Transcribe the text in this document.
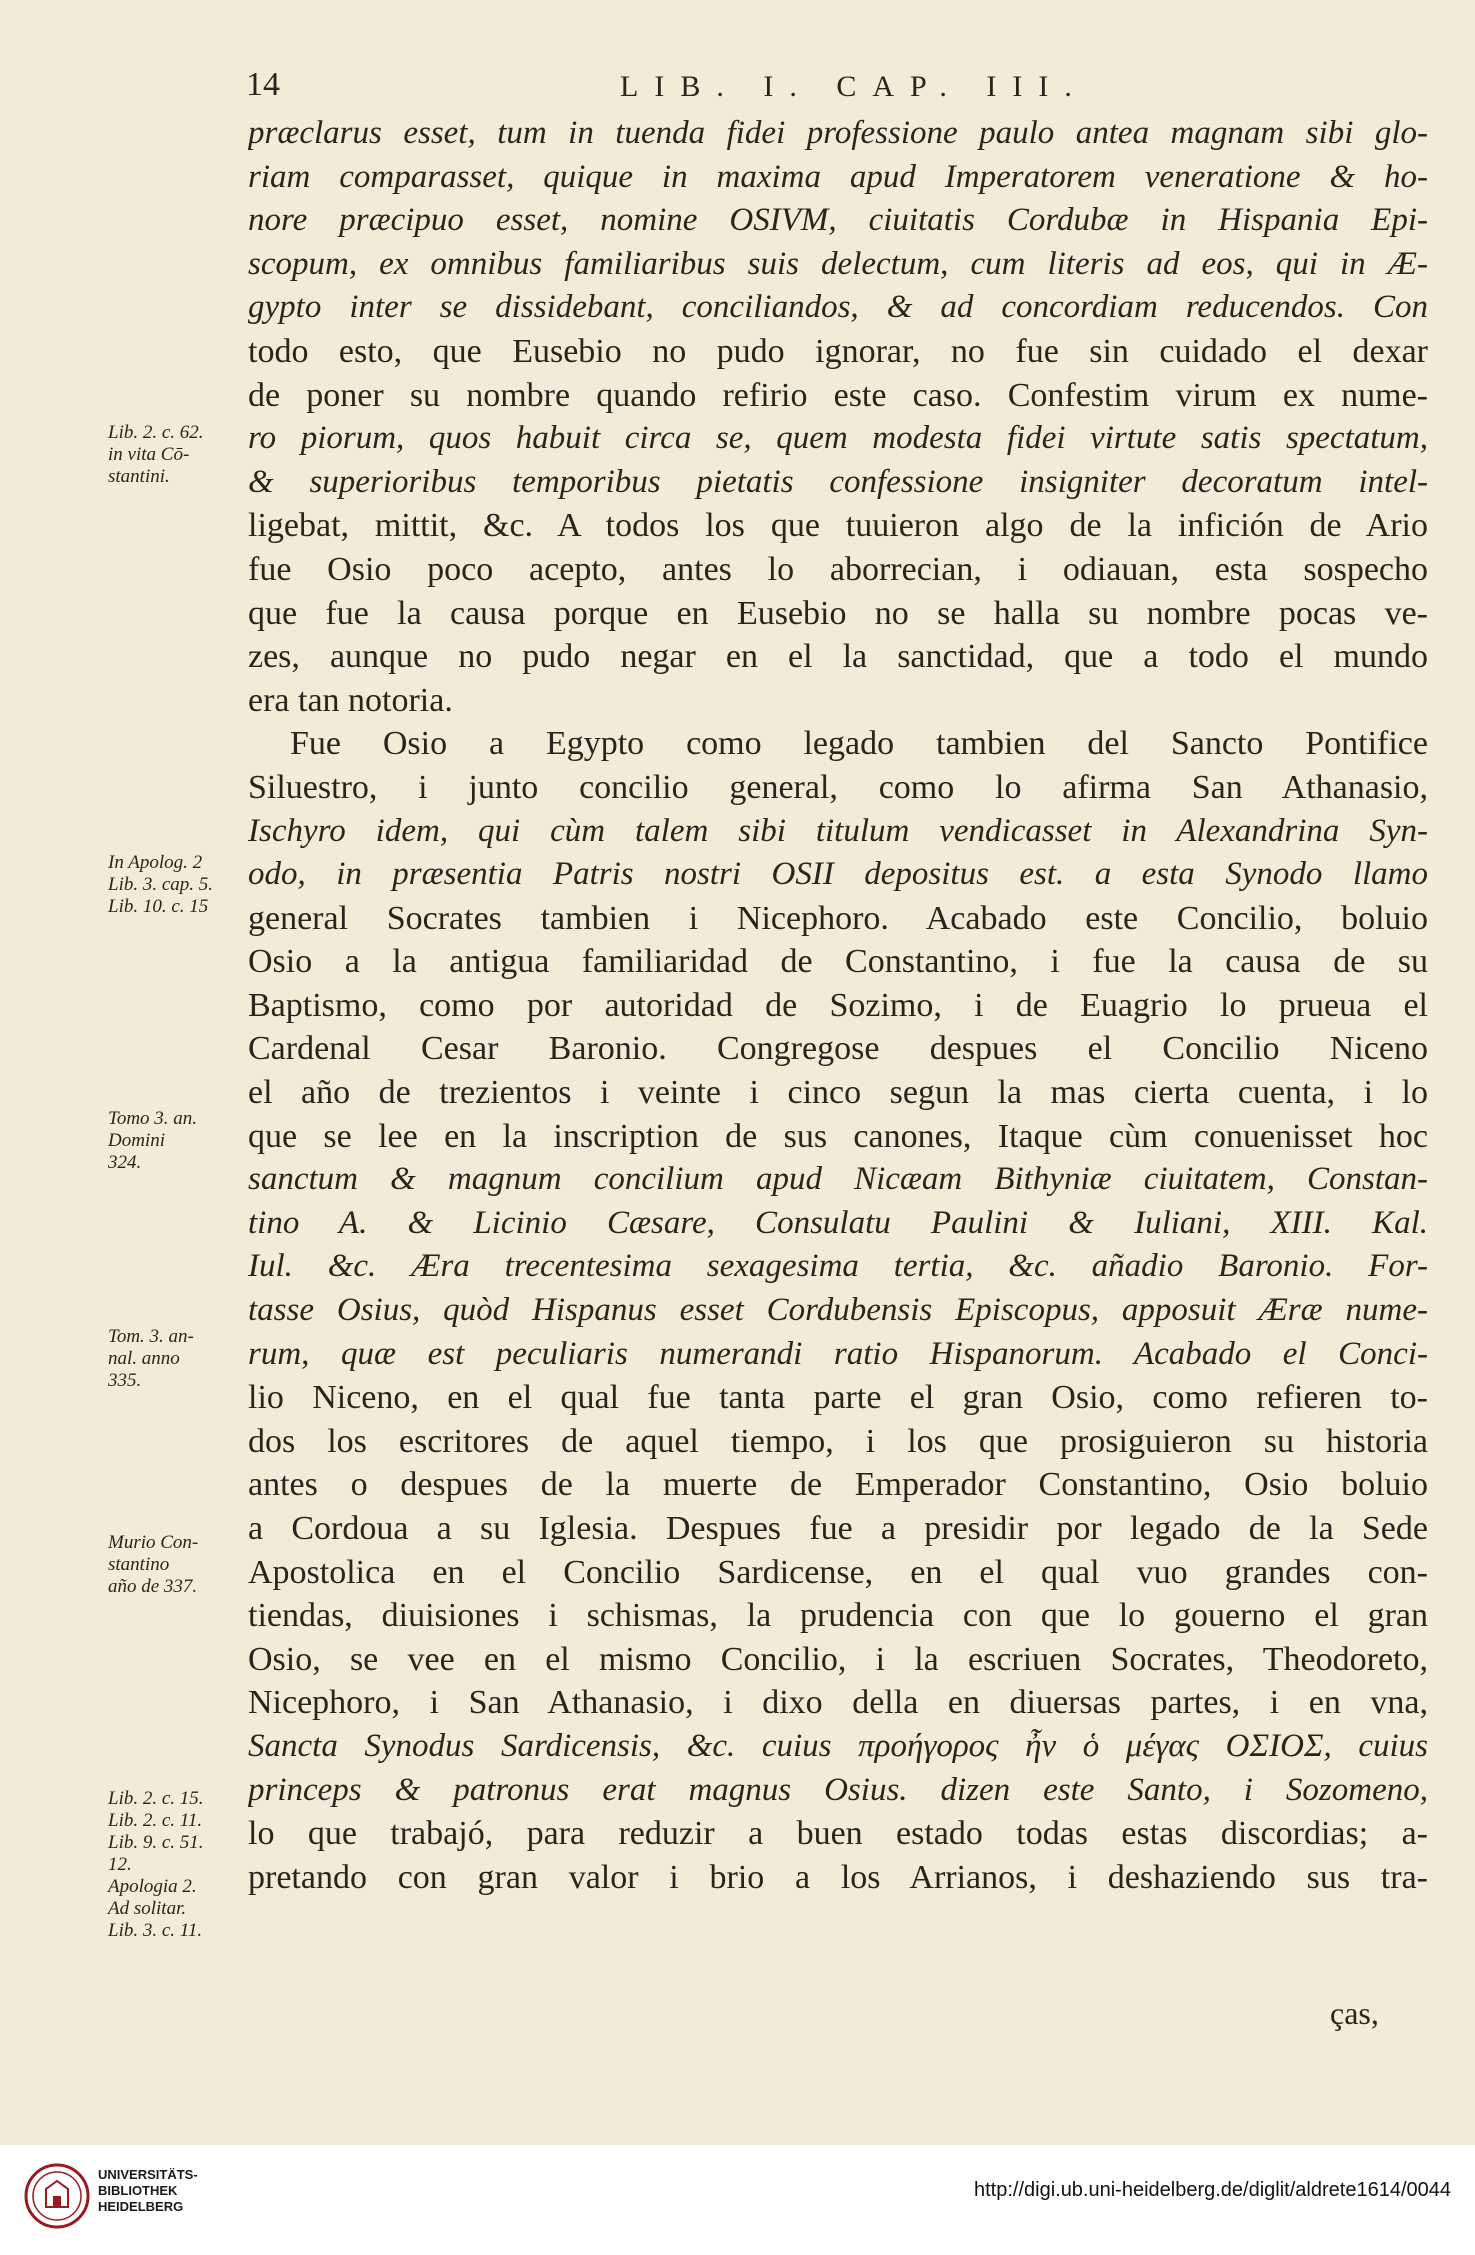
14	LIB. I. CAP. III.
Lib. 2. c. 62.
in vita Cō-
stantini.
In Apolog. 2
Lib. 3. cap. 5.
Lib. 10. c. 15
Tomo 3. an.
Domini
324.
Tom. 3. an-
nal. anno
335.
Murio Con-
stantino
año de 337.
Lib. 2. c. 15.
Lib. 2. c. 11.
Lib. 9. c. 51.
12.
Apologia 2.
Ad solitar.
Lib. 3. c. 11.
præclarus esset, tum in tuenda fidei professione paulo antea magnam sibi glo-
riam comparasset, quique in maxima apud Imperatorem veneratione & ho-
nore præcipuo esset, nomine OSIVM, ciuitatis Cordubæ in Hispania Epi-
scopum, ex omnibus familiaribus suis delectum, cum literis ad eos, qui in Æ-
gypto inter se dissidebant, conciliandos, & ad concordiam reducendos. Con
todo esto, que Eusebio no pudo ignorar, no fue sin cuidado el dexar
de poner su nombre quando refirio este caso. Confestim virum ex nume-
ro piorum, quos habuit circa se, quem modesta fidei virtute satis spectatum,
& superioribus temporibus pietatis confessione insigniter decoratum intel-
ligebat, mittit, &c. A todos los que tuuieron algo de la infición de Ario
fue Osio poco acepto, antes lo aborrecian, i odiauan, esta sospecho
que fue la causa porque en Eusebio no se halla su nombre pocas ve-
zes, aunque no pudo negar en el la sanctidad, que a todo el mundo
era tan notoria.
Fue Osio a Egypto como legado tambien del Sancto Pontifice
Siluestro, i junto concilio general, como lo afirma San Athanasio,
Ischyro idem, qui cùm talem sibi titulum vendicasset in Alexandrina Syn-
odo, in præsentia Patris nostri OSII depositus est. a esta Synodo llamo
general Socrates tambien i Nicephoro. Acabado este Concilio, boluio
Osio a la antigua familiaridad de Constantino, i fue la causa de su
Baptismo, como por autoridad de Sozimo, i de Euagrio lo prueua el
Cardenal Cesar Baronio. Congregose despues el Concilio Niceno
el año de trezientos i veinte i cinco segun la mas cierta cuenta, i lo
que se lee en la inscription de sus canones, Itaque cùm conuenisset hoc
sanctum & magnum concilium apud Nicæam Bithyniæ ciuitatem, Constan-
tino A. & Licinio Cæsare, Consulatu Paulini & Iuliani, XIII. Kal.
Iul. &c. Æra trecentesima sexagesima tertia, &c. añadio Baronio. For-
tasse Osius, quòd Hispanus esset Cordubensis Episcopus, apposuit Æræ nume-
rum, quæ est peculiaris numerandi ratio Hispanorum. Acabado el Conci-
lio Niceno, en el qual fue tanta parte el gran Osio, como refieren to-
dos los escritores de aquel tiempo, i los que prosiguieron su historia
antes o despues de la muerte de Emperador Constantino, Osio boluio
a Cordoua a su Iglesia. Despues fue a presidir por legado de la Sede
Apostolica en el Concilio Sardicense, en el qual vuo grandes con-
tiendas, diuisiones i schismas, la prudencia con que lo gouerno el gran
Osio, se vee en el mismo Concilio, i la escriuen Socrates, Theodoreto,
Nicephoro, i San Athanasio, i dixo della en diuersas partes, i en vna,
Sancta Synodus Sardicensis, &c. cuius προήγορος ἦν ὁ μέγας ΟΣΙΟΣ, cuius
princeps & patronus erat magnus Osius. dizen este Santo, i Sozomeno,
lo que trabajó, para reduzir a buen estado todas estas discordias; a-
pretando con gran valor i brio a los Arrianos, i deshaziendo sus tra-
ças,
UNIVERSITÄTS-
BIBLIOTHEK
HEIDELBERG
http://digi.ub.uni-heidelberg.de/diglit/aldrete1614/0044
